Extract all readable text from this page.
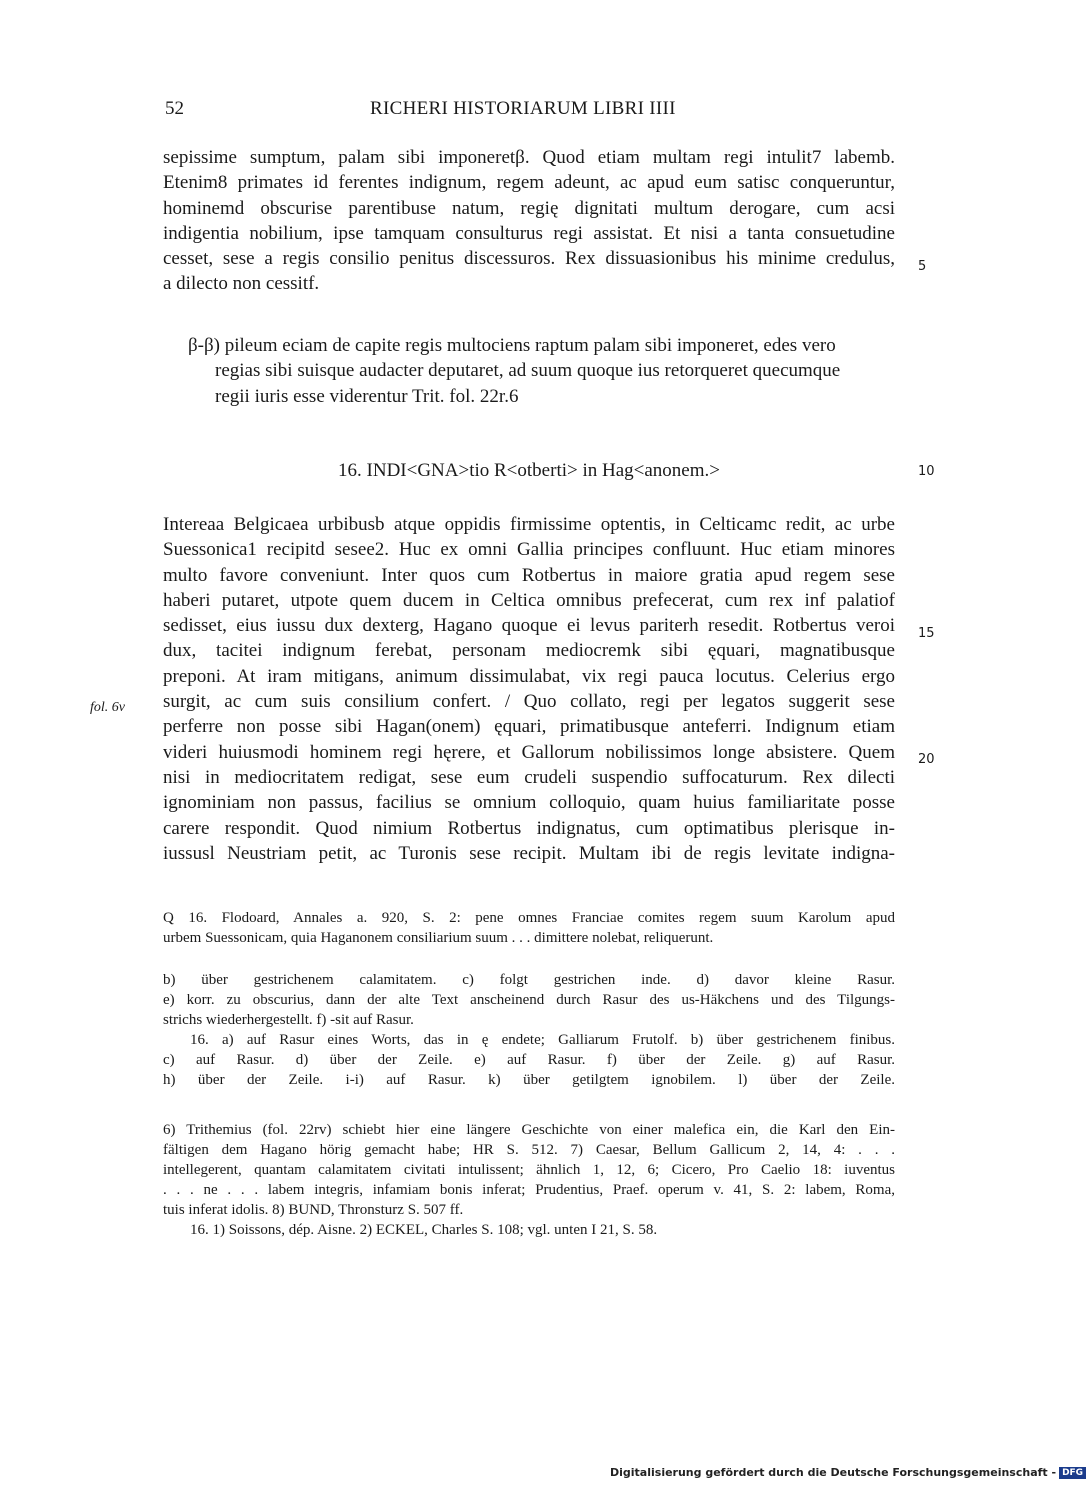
52	RICHERI HISTORIARUM LIBRI IIII
sepissime sumptum, palam sibi imponeretβ. Quod etiam multam regi intulit7 labemb.
Etenim8 primates id ferentes indignum, regem adeunt, ac apud eum satisc conqueruntur,
hominemd obscurise parentibuse natum, regię dignitati multum derogare, cum acsi
indigentia nobilium, ipse tamquam consulturus regi assistat. Et nisi a tanta consuetudine
cesset, sese a regis consilio penitus discessuros. Rex dissuasionibus his minime credulus,
a dilecto non cessitf.
5
β-β) pileum eciam de capite regis multociens raptum palam sibi imponeret, edes vero
regias sibi suisque audacter deputaret, ad suum quoque ius retorqueret quecumque
regii iuris esse viderentur Trit. fol. 22r.6
16. INDI<GNA>tio R<otberti> in Hag<anonem.>	10
Intereaa Belgicaea urbibusb atque oppidis firmissime optentis, in Celticamc redit, ac urbe
Suessonica1 recipitd sesee2. Huc ex omni Gallia principes confluunt. Huc etiam minores
multo favore conveniunt. Inter quos cum Rotbertus in maiore gratia apud regem sese
haberi putaret, utpote quem ducem in Celtica omnibus prefecerat, cum rex inf palatiof
sedisset, eius iussu dux dexterg, Hagano quoque ei levus pariterh resedit. Rotbertus veroi
dux, tacitei indignum ferebat, personam mediocremk sibi ęquari, magnatibusque
preponi. At iram mitigans, animum dissimulabat, vix regi pauca locutus. Celerius ergo
surgit, ac cum suis consilium confert. / Quo collato, regi per legatos suggerit sese
perferre non posse sibi Hagan(onem) ęquari, primatibusque anteferri. Indignum etiam
videri huiusmodi hominem regi hęrere, et Gallorum nobilissimos longe absistere. Quem
nisi in mediocritatem redigat, sese eum crudeli suspendio suffocaturum. Rex dilecti
ignominiam non passus, facilius se omnium colloquio, quam huius familiaritate posse
carere respondit. Quod nimium Rotbertus indignatus, cum optimatibus plerisque in-
iussusl Neustriam petit, ac Turonis sese recipit. Multam ibi de regis levitate indigna-
15
20
fol. 6v
Q 16. Flodoard, Annales a. 920, S. 2: pene omnes Franciae comites regem suum Karolum apud
urbem Suessonicam, quia Haganonem consiliarium suum . . . dimittere nolebat, reliquerunt.
b) über gestrichenem calamitatem. c) folgt gestrichen inde. d) davor kleine Rasur.
e) korr. zu obscurius, dann der alte Text anscheinend durch Rasur des us-Häkchens und des Tilgungs-
strichs wiederhergestellt. f) -sit auf Rasur.
16. a) auf Rasur eines Worts, das in ę endete; Galliarum Frutolf. b) über gestrichenem finibus.
c) auf Rasur. d) über der Zeile. e) auf Rasur. f) über der Zeile. g) auf Rasur.
h) über der Zeile. i-i) auf Rasur. k) über getilgtem ignobilem. l) über der Zeile.
6) Trithemius (fol. 22rv) schiebt hier eine längere Geschichte von einer malefica ein, die Karl den Ein-
fältigen dem Hagano hörig gemacht habe; HR S. 512. 7) Caesar, Bellum Gallicum 2, 14, 4: . . .
intellegerent, quantam calamitatem civitati intulissent; ähnlich 1, 12, 6; Cicero, Pro Caelio 18: iuventus
. . . ne . . . labem integris, infamiam bonis inferat; Prudentius, Praef. operum v. 41, S. 2: labem, Roma,
tuis inferat idolis. 8) BUND, Thronsturz S. 507 ff.
16. 1) Soissons, dép. Aisne. 2) ECKEL, Charles S. 108; vgl. unten I 21, S. 58.
Digitalisierung gefördert durch die Deutsche Forschungsgemeinschaft - DFG
